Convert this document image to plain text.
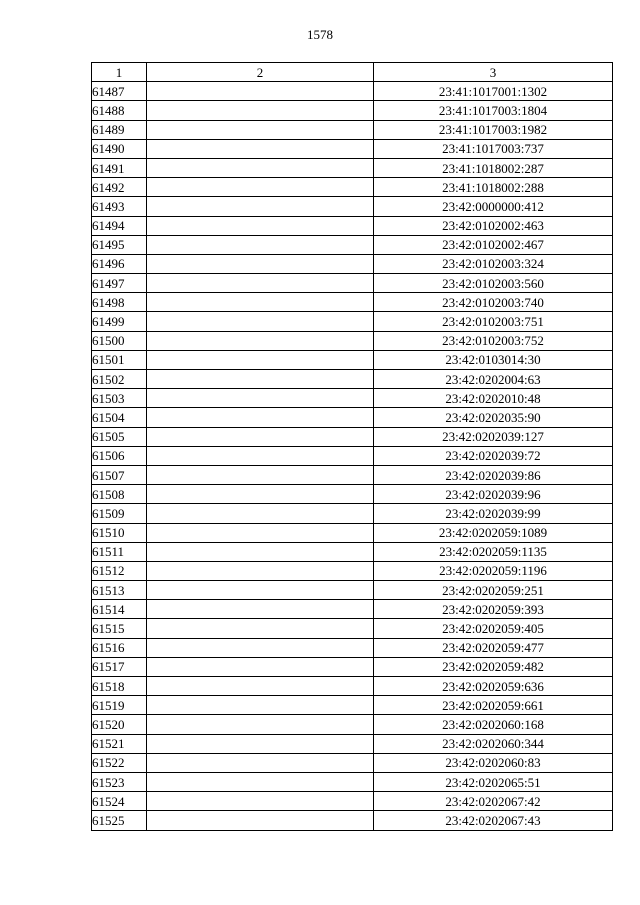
1578
1	2	3
61487		23:41:1017001:1302
61488		23:41:1017003:1804
61489		23:41:1017003:1982
61490		23:41:1017003:737
61491		23:41:1018002:287
61492		23:41:1018002:288
61493		23:42:0000000:412
61494		23:42:0102002:463
61495		23:42:0102002:467
61496		23:42:0102003:324
61497		23:42:0102003:560
61498		23:42:0102003:740
61499		23:42:0102003:751
61500		23:42:0102003:752
61501		23:42:0103014:30
61502		23:42:0202004:63
61503		23:42:0202010:48
61504		23:42:0202035:90
61505		23:42:0202039:127
61506		23:42:0202039:72
61507		23:42:0202039:86
61508		23:42:0202039:96
61509		23:42:0202039:99
61510		23:42:0202059:1089
61511		23:42:0202059:1135
61512		23:42:0202059:1196
61513		23:42:0202059:251
61514		23:42:0202059:393
61515		23:42:0202059:405
61516		23:42:0202059:477
61517		23:42:0202059:482
61518		23:42:0202059:636
61519		23:42:0202059:661
61520		23:42:0202060:168
61521		23:42:0202060:344
61522		23:42:0202060:83
61523		23:42:0202065:51
61524		23:42:0202067:42
61525		23:42:0202067:43
